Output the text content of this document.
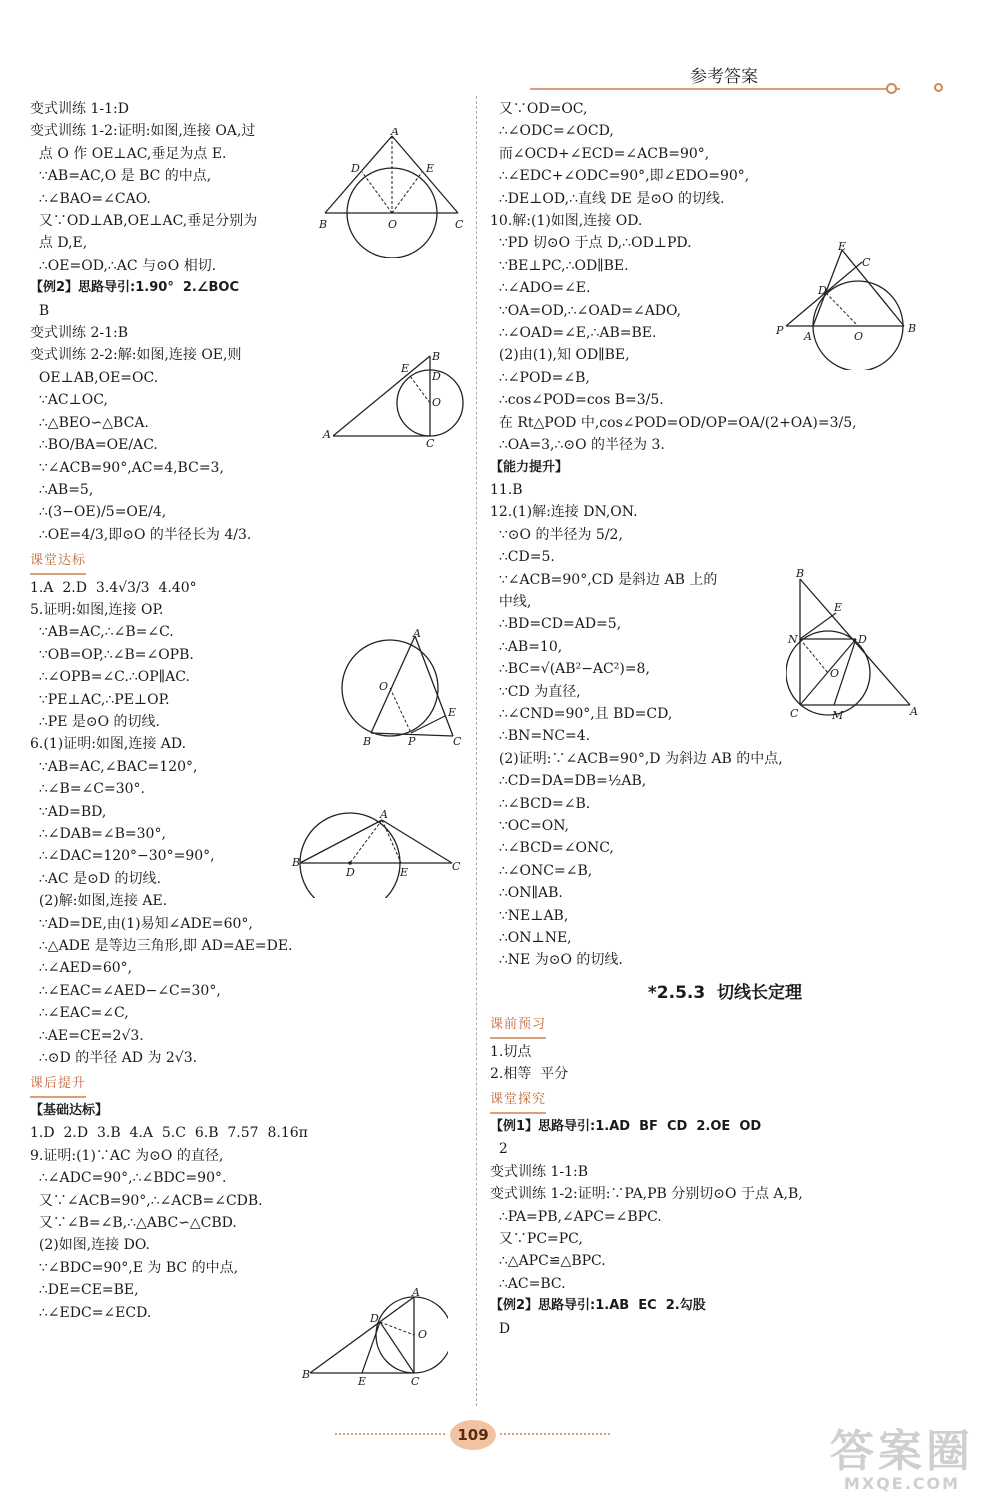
参考答案
变式训练 1-1:D
变式训练 1-2:证明:如图,连接 OA,过
点 O 作 OE⊥AC,垂足为点 E.
∵AB=AC,O 是 BC 的中点,
∴∠BAO=∠CAO.
又∵OD⊥AB,OE⊥AC,垂足分别为
点 D,E,
∴OE=OD,∴AC 与⊙O 相切.
【例2】思路导引:1.90°  2.∠BOC
B
变式训练 2-1:B
变式训练 2-2:解:如图,连接 OE,则
OE⊥AB,OE=OC.
∵AC⊥OC,
∴△BEO∽△BCA.
∴BO/BA=OE/AC.
∵∠ACB=90°,AC=4,BC=3,
∴AB=5,
∴(3−OE)/5=OE/4,
∴OE=4/3,即⊙O 的半径长为 4/3.
课堂达标
1.A  2.D  3.4√3/3  4.40°
5.证明:如图,连接 OP.
∵AB=AC,∴∠B=∠C.
∵OB=OP,∴∠B=∠OPB.
∴∠OPB=∠C.∴OP∥AC.
∵PE⊥AC,∴PE⊥OP.
∴PE 是⊙O 的切线.
6.(1)证明:如图,连接 AD.
∵AB=AC,∠BAC=120°,
∴∠B=∠C=30°.
∵AD=BD,
∴∠DAB=∠B=30°,
∴∠DAC=120°−30°=90°,
∴AC 是⊙D 的切线.
(2)解:如图,连接 AE.
∵AD=DE,由(1)易知∠ADE=60°,
∴△ADE 是等边三角形,即 AD=AE=DE.
∴∠AED=60°,
∴∠EAC=∠AED−∠C=30°,
∴∠EAC=∠C,
∴AE=CE=2√3.
∴⊙D 的半径 AD 为 2√3.
课后提升
【基础达标】
1.D  2.D  3.B  4.A  5.C  6.B  7.57  8.16π
9.证明:(1)∵AC 为⊙O 的直径,
∴∠ADC=90°,∴∠BDC=90°.
又∵∠ACB=90°,∴∠ACB=∠CDB.
又∵∠B=∠B,∴△ABC∽△CBD.
(2)如图,连接 DO.
∵∠BDC=90°,E 为 BC 的中点,
∴DE=CE=BE,
∴∠EDC=∠ECD.
又∵OD=OC,
∴∠ODC=∠OCD,
而∠OCD+∠ECD=∠ACB=90°,
∴∠EDC+∠ODC=90°,即∠EDO=90°,
∴DE⊥OD,∴直线 DE 是⊙O 的切线.
10.解:(1)如图,连接 OD.
∵PD 切⊙O 于点 D,∴OD⊥PD.
∵BE⊥PC,∴OD∥BE.
∴∠ADO=∠E.
∵OA=OD,∴∠OAD=∠ADO,
∴∠OAD=∠E,∴AB=BE.
(2)由(1),知 OD∥BE,
∴∠POD=∠B,
∴cos∠POD=cos B=3/5.
在 Rt△POD 中,cos∠POD=OD/OP=OA/(2+OA)=3/5,
∴OA=3,∴⊙O 的半径为 3.
【能力提升】
11.B
12.(1)解:连接 DN,ON.
∵⊙O 的半径为 5/2,
∴CD=5.
∵∠ACB=90°,CD 是斜边 AB 上的
中线,
∴BD=CD=AD=5,
∴AB=10,
∴BC=√(AB²−AC²)=8,
∵CD 为直径,
∴∠CND=90°,且 BD=CD,
∴BN=NC=4.
(2)证明:∵∠ACB=90°,D 为斜边 AB 的中点,
∴CD=DA=DB=½AB,
∴∠BCD=∠B.
∵OC=ON,
∴∠BCD=∠ONC,
∴∠ONC=∠B,
∴ON∥AB.
∵NE⊥AB,
∴ON⊥NE,
∴NE 为⊙O 的切线.
*2.5.3  切线长定理
课前预习
1.切点
2.相等  平分
课堂探究
【例1】思路导引:1.AD  BF  CD  2.OE  OD
2
变式训练 1-1:B
变式训练 1-2:证明:∵PA,PB 分别切⊙O 于点 A,B,
∴PA=PB,∠APC=∠BPC.
又∵PC=PC,
∴△APC≌△BPC.
∴AC=BC.
【例2】思路导引:1.AB  EC  2.勾股
D
A
D	E
B	O	C
B
E
D
O
A
C
A
O
E
B	P	C
A
B
D	E	C
A
D
O
B
E	C
E
C
D
P A	O
B
B
E
N	D
O
C	M	A
109	答案圈
MXQE.COM
